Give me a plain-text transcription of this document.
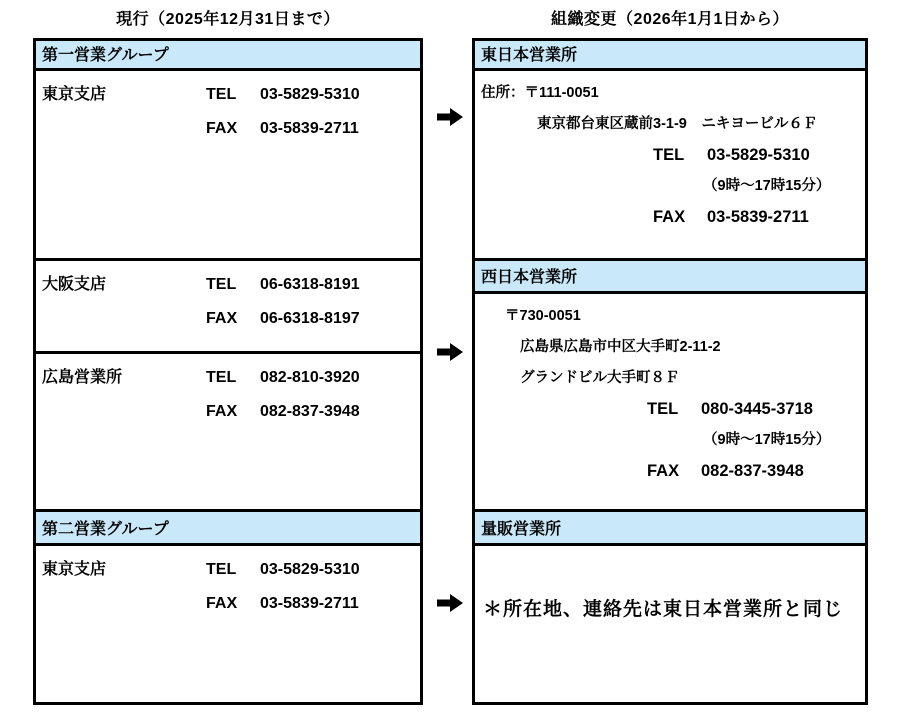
現行（2025年12月31日まで）	組織変更（2026年1月1日から）
第一営業グループ
東京支店	TEL	03-5829-5310
FAX	03-5839-2711
大阪支店	TEL	06-6318-8191
FAX	06-6318-8197
広島営業所	TEL	082-810-3920
FAX	082-837-3948
第二営業グループ
東京支店	TEL	03-5829-5310
FAX	03-5839-2711
東日本営業所
住所：〒111-0051
東京都台東区蔵前3-1-9　ニキヨービル６Ｆ
TEL 03-5829-5310
（9時～17時15分）
FAX 03-5839-2711
西日本営業所
〒730-0051
広島県広島市中区大手町2-11-2
グランドビル大手町８Ｆ
TEL 080-3445-3718
（9時～17時15分）
FAX 082-837-3948
量販営業所
＊所在地、連絡先は東日本営業所と同じ
